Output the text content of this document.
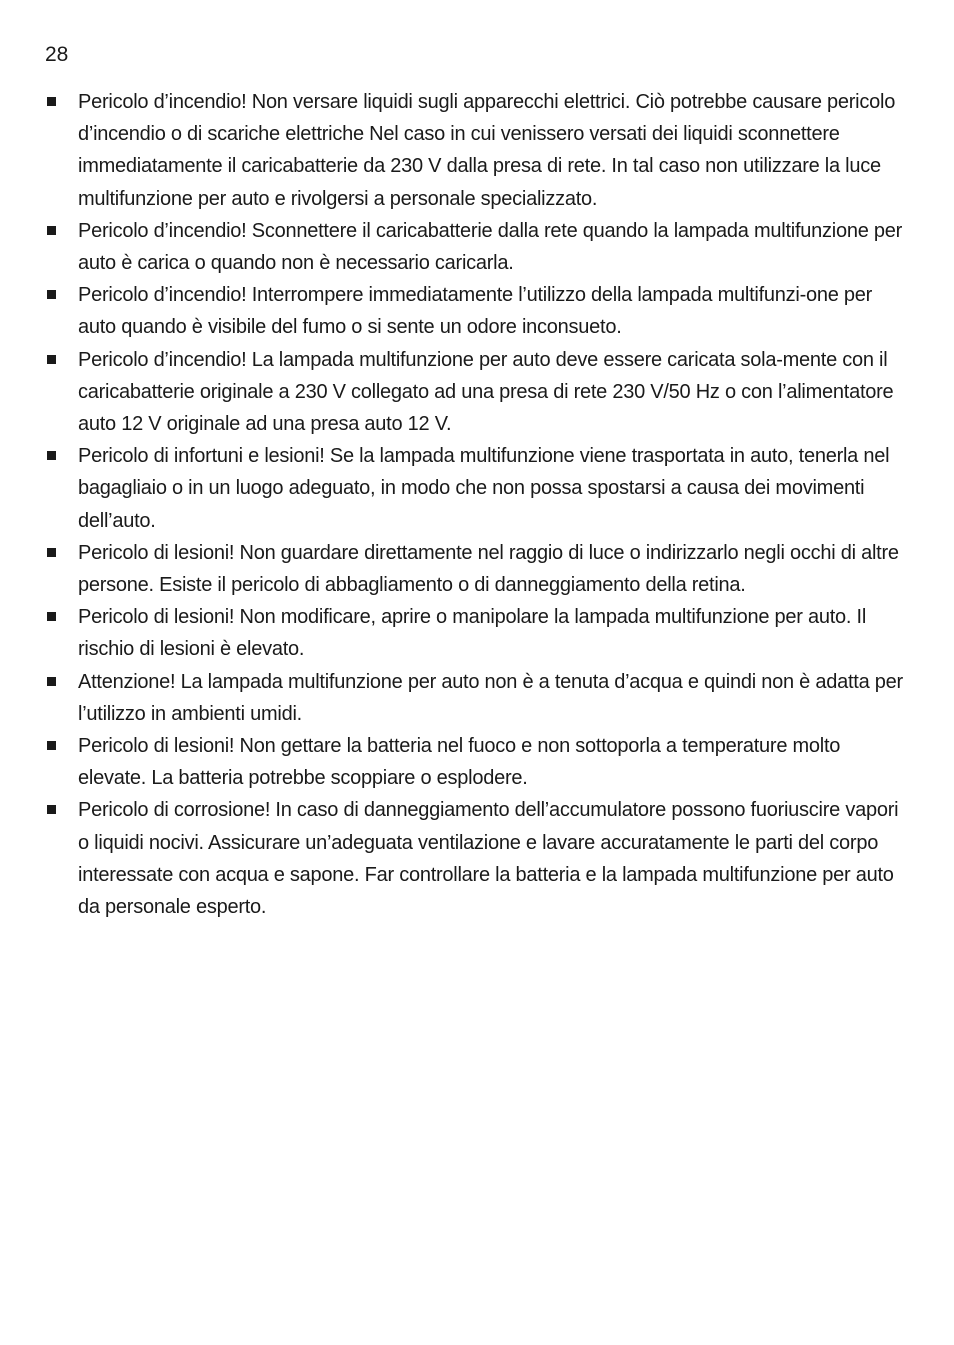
28
Pericolo d’incendio! Non versare liquidi sugli apparecchi elettrici. Ciò potrebbe causare pericolo d’incendio o di scariche elettriche Nel caso in cui venissero versati dei liquidi sconnettere immediatamente il caricabatterie da 230 V dalla presa di rete. In tal caso non utilizzare la luce multifunzione per auto e rivolgersi a personale specializzato.
Pericolo d’incendio! Sconnettere il caricabatterie dalla rete quando la lampada multifunzione per auto è carica o quando non è necessario caricarla.
Pericolo d’incendio! Interrompere immediatamente l’utilizzo della lampada multifunzi-one per auto quando è visibile del fumo o si sente un odore inconsueto.
Pericolo d’incendio! La lampada multifunzione per auto deve essere caricata sola-mente con il caricabatterie originale a 230 V collegato ad una presa di rete 230 V/50 Hz o con l’alimentatore auto 12 V originale ad una presa auto 12 V.
Pericolo di infortuni e lesioni! Se la lampada multifunzione viene trasportata in auto, tenerla nel bagagliaio o in un luogo adeguato, in modo che non possa spostarsi a causa dei movimenti dell’auto.
Pericolo di lesioni! Non guardare direttamente nel raggio di luce o indirizzarlo negli occhi di altre persone. Esiste il pericolo di abbagliamento o di danneggiamento della retina.
Pericolo di lesioni! Non modificare, aprire o manipolare la lampada multifunzione per auto. Il rischio di lesioni è elevato.
Attenzione! La lampada multifunzione per auto non è a tenuta d’acqua e quindi non è adatta per l’utilizzo in ambienti umidi.
Pericolo di lesioni! Non gettare la batteria nel fuoco e non sottoporla a temperature molto elevate. La batteria potrebbe scoppiare o esplodere.
Pericolo di corrosione! In caso di danneggiamento dell’accumulatore possono fuoriuscire vapori o liquidi nocivi. Assicurare un’adeguata ventilazione e lavare accuratamente le parti del corpo interessate con acqua e sapone. Far controllare la batteria e la lampada multifunzione per auto da personale esperto.
